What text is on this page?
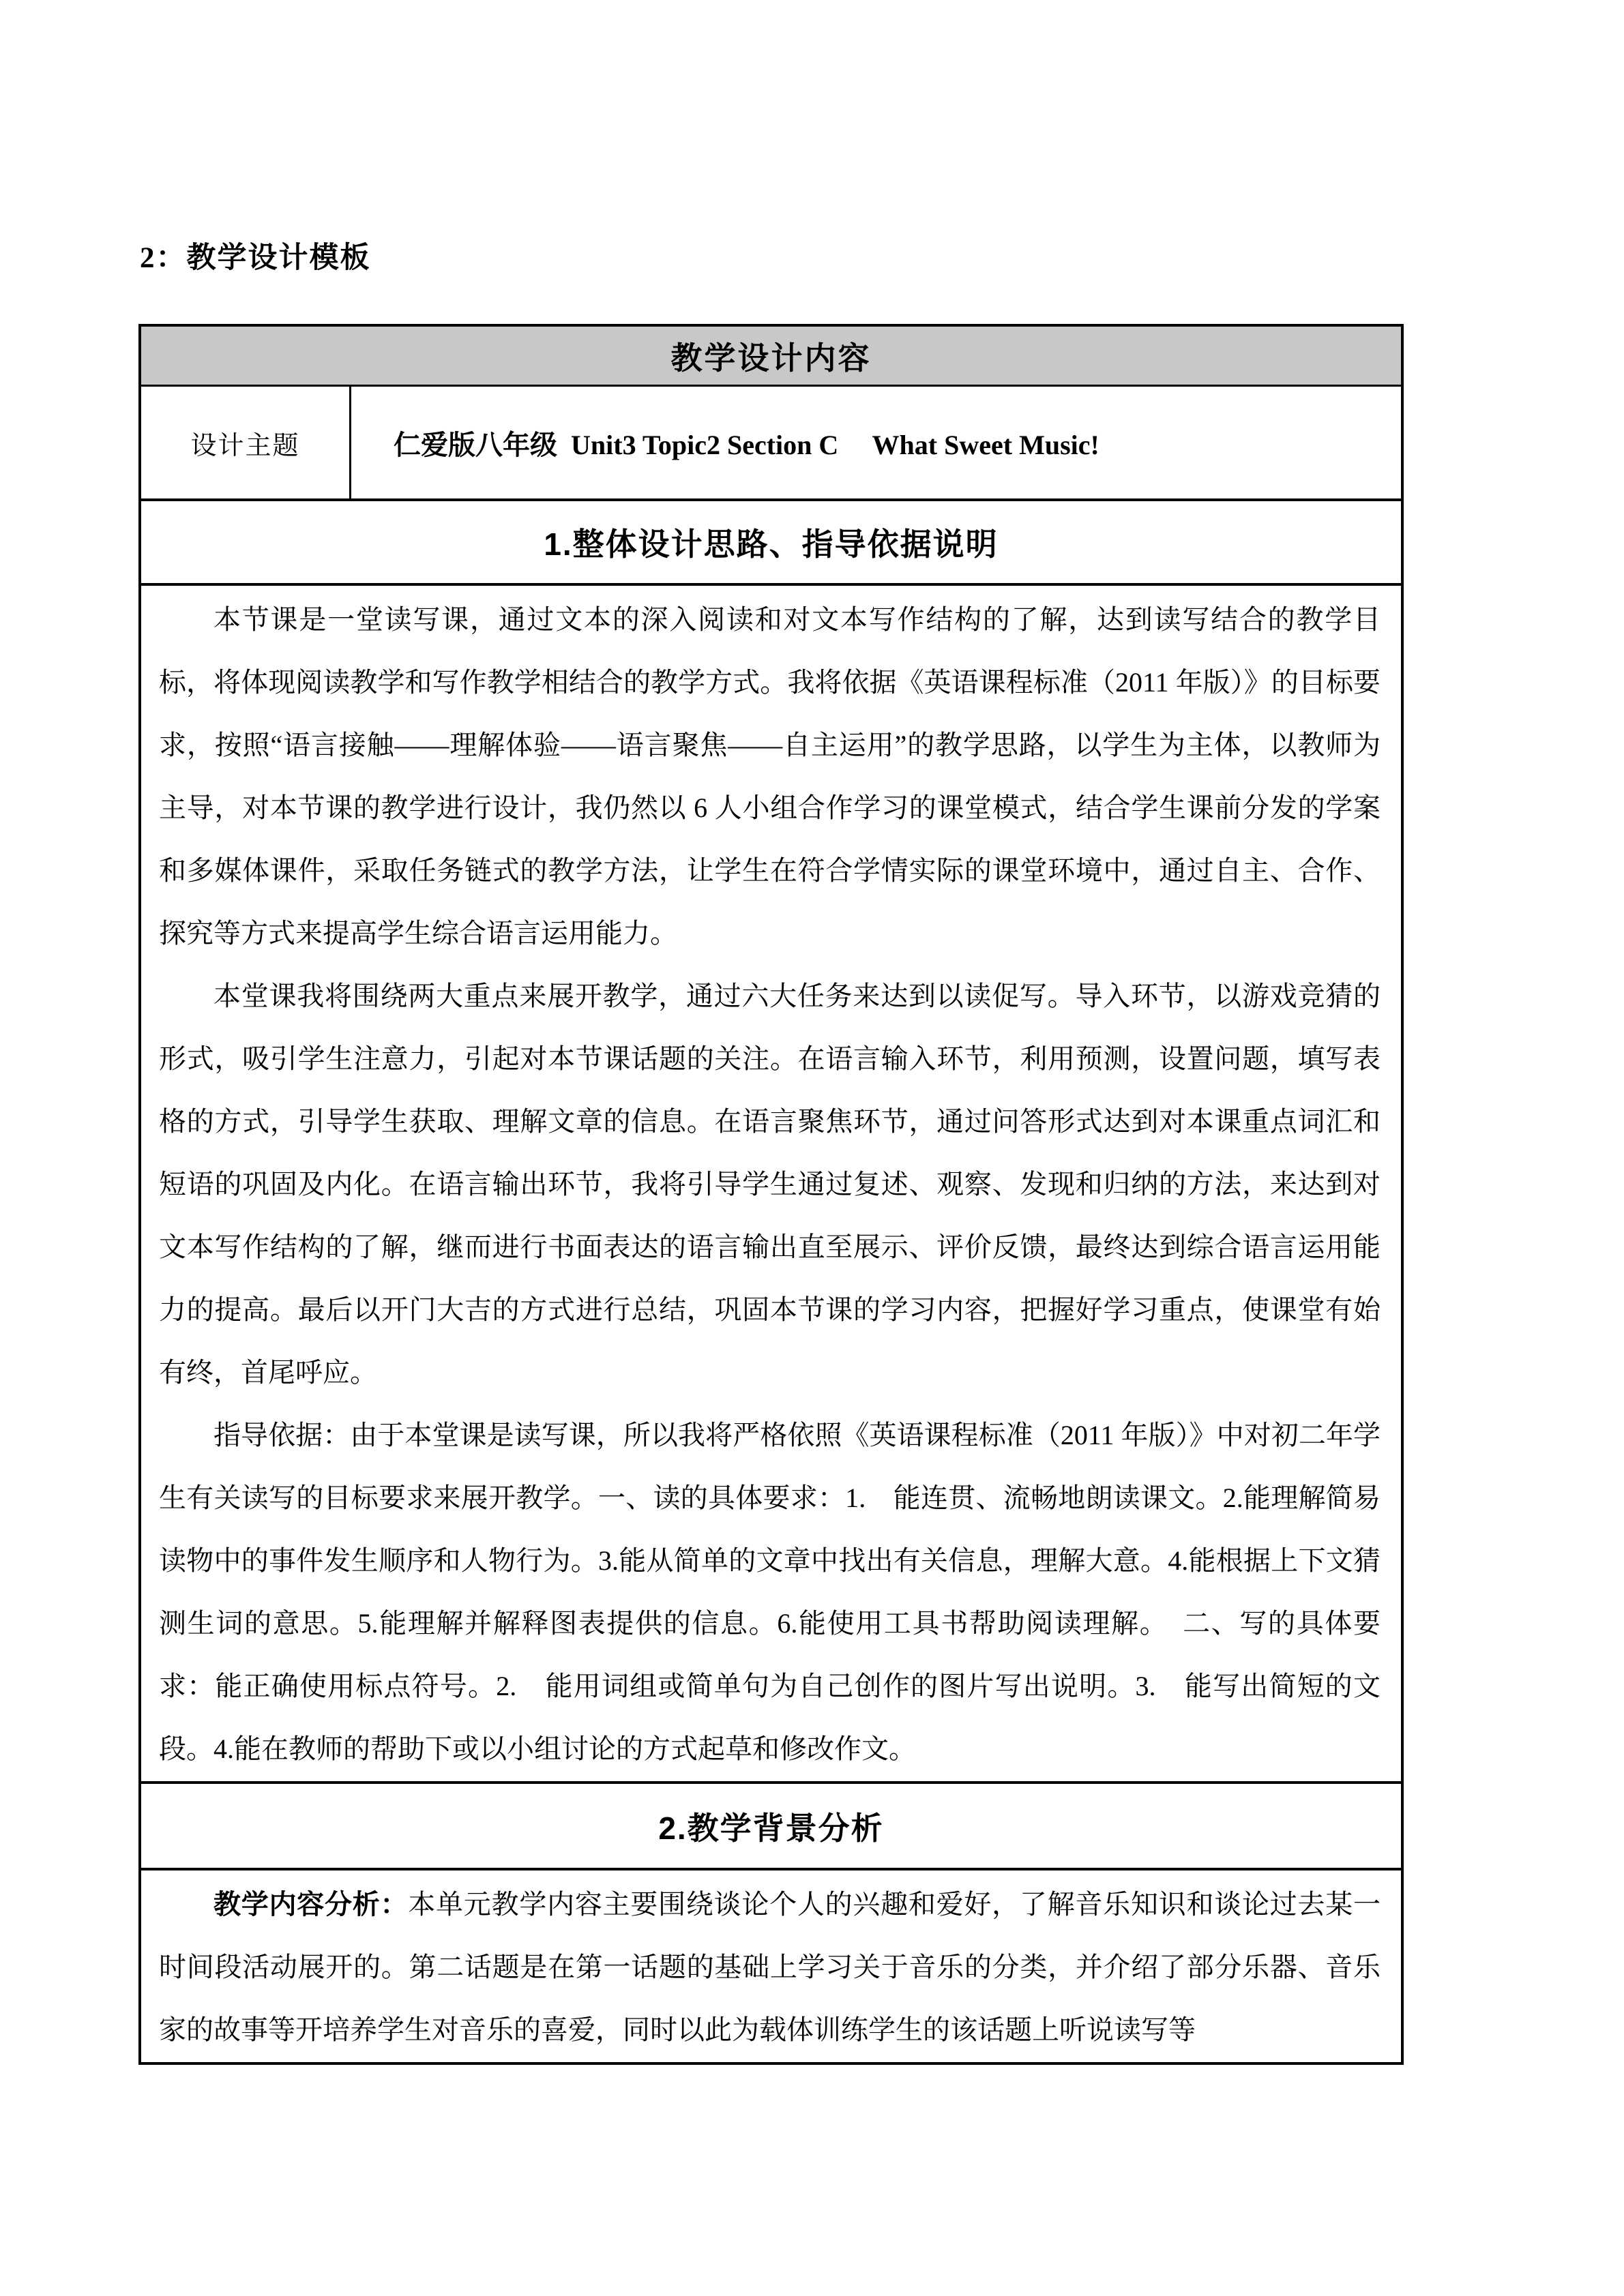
2：教学设计模板
教学设计内容
设计主题	仁爱版八年级  Unit3 Topic2 Section C　 What Sweet Music!
1.整体设计思路、指导依据说明

本节课是一堂读写课，通过文本的深入阅读和对文本写作结构的了解，达到读写结合的教学目标，将体现阅读教学和写作教学相结合的教学方式。我将依据《英语课程标准（2011 年版）》的目标要求，按照“语言接触——理解体验——语言聚焦——自主运用”的教学思路，以学生为主体，以教师为主导，对本节课的教学进行设计，我仍然以 6 人小组合作学习的课堂模式，结合学生课前分发的学案和多媒体课件，采取任务链式的教学方法，让学生在符合学情实际的课堂环境中，通过自主、合作、探究等方式来提高学生综合语言运用能力。

本堂课我将围绕两大重点来展开教学，通过六大任务来达到以读促写。导入环节，以游戏竞猜的形式，吸引学生注意力，引起对本节课话题的关注。在语言输入环节，利用预测，设置问题，填写表格的方式，引导学生获取、理解文章的信息。在语言聚焦环节，通过问答形式达到对本课重点词汇和短语的巩固及内化。在语言输出环节，我将引导学生通过复述、观察、发现和归纳的方法，来达到对文本写作结构的了解，继而进行书面表达的语言输出直至展示、评价反馈，最终达到综合语言运用能力的提高。最后以开门大吉的方式进行总结，巩固本节课的学习内容，把握好学习重点，使课堂有始有终，首尾呼应。

指导依据：由于本堂课是读写课，所以我将严格依照《英语课程标准（2011 年版）》中对初二年学生有关读写的目标要求来展开教学。一、读的具体要求：1.　能连贯、流畅地朗读课文。2.能理解简易读物中的事件发生顺序和人物行为。3.能从简单的文章中找出有关信息，理解大意。4.能根据上下文猜测生词的意思。5.能理解并解释图表提供的信息。6.能使用工具书帮助阅读理解。　二、写的具体要求：能正确使用标点符号。2.　能用词组或简单句为自己创作的图片写出说明。3.　能写出简短的文段。4.能在教师的帮助下或以小组讨论的方式起草和修改作文。

2.教学背景分析

教学内容分析：本单元教学内容主要围绕谈论个人的兴趣和爱好，了解音乐知识和谈论过去某一时间段活动展开的。第二话题是在第一话题的基础上学习关于音乐的分类，并介绍了部分乐器、音乐家的故事等开培养学生对音乐的喜爱，同时以此为载体训练学生的该话题上听说读写等
